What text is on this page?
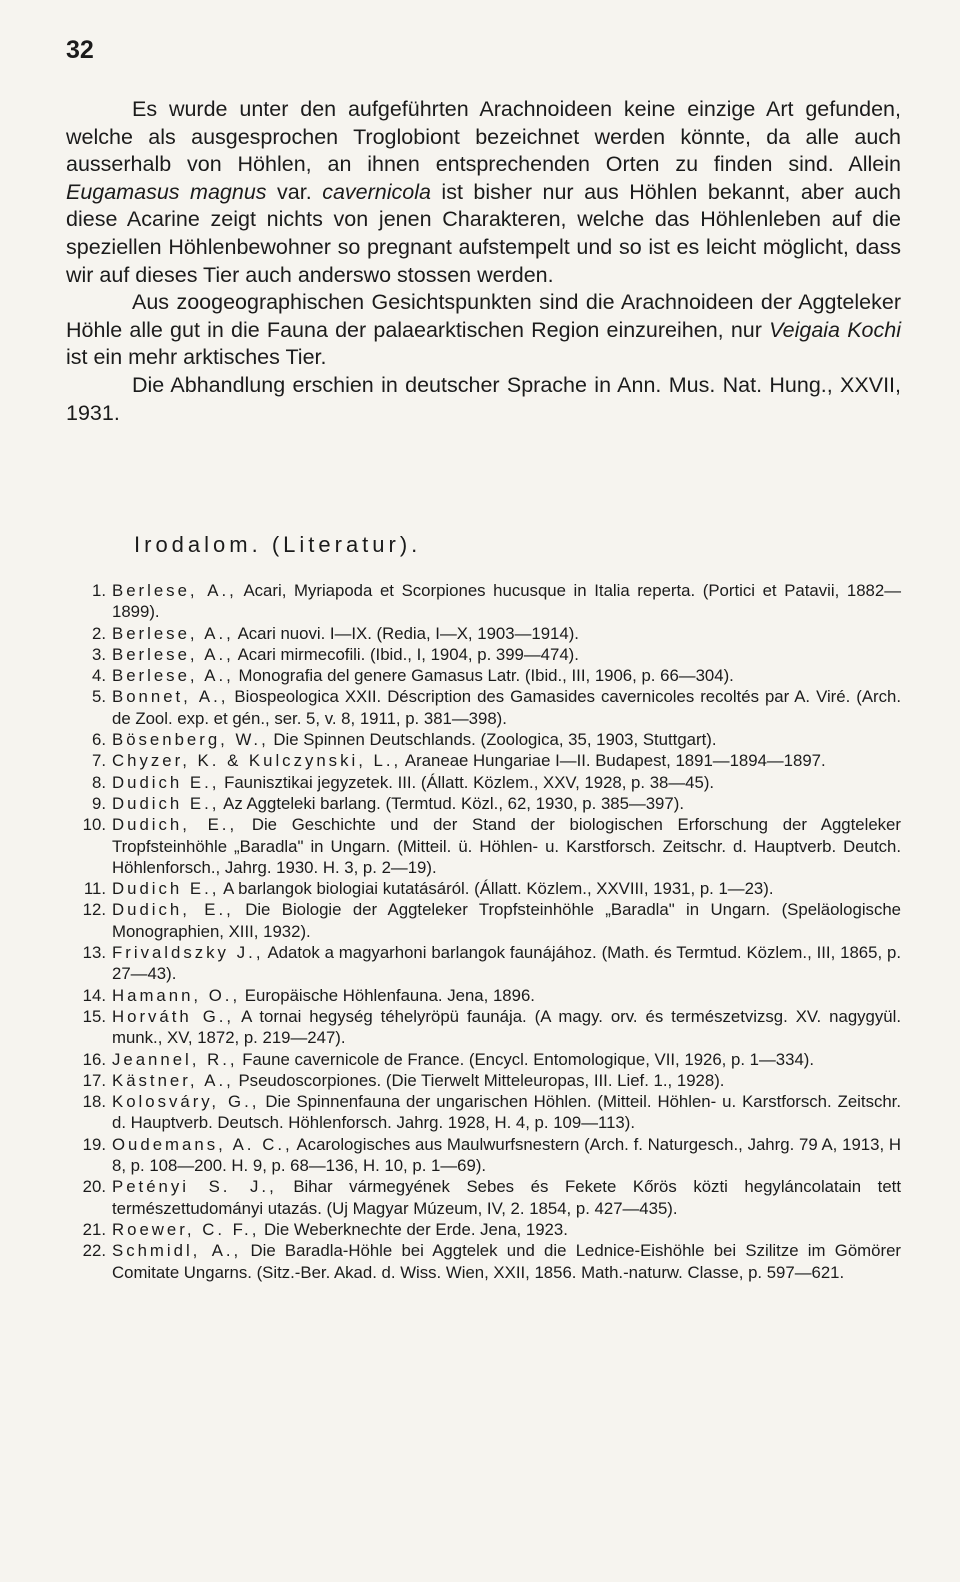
32

Es wurde unter den aufgeführten Arachnoideen keine einzige Art gefunden, welche als ausgesprochen Troglobiont bezeichnet werden könnte, da alle auch ausserhalb von Höhlen, an ihnen entsprechenden Orten zu finden sind. Allein Eugamasus magnus var. cavernicola ist bisher nur aus Höhlen bekannt, aber auch diese Acarine zeigt nichts von jenen Charakteren, welche das Höhlenleben auf die speziellen Höhlenbewohner so pregnant aufstempelt und so ist es leicht möglicht, dass wir auf dieses Tier auch anderswo stossen werden.

Aus zoogeographischen Gesichtspunkten sind die Arachnoideen der Aggteleker Höhle alle gut in die Fauna der palaearktischen Region einzureihen, nur Veigaia Kochi ist ein mehr arktisches Tier.

Die Abhandlung erschien in deutscher Sprache in Ann. Mus. Nat. Hung., XXVII, 1931.

Irodalom. (Literatur).
1. Berlese, A., Acari, Myriapoda et Scorpiones hucusque in Italia reperta. (Portici et Patavii, 1882—1899).
2. Berlese, A., Acari nuovi. I—IX. (Redia, I—X, 1903—1914).
3. Berlese, A., Acari mirmecofili. (Ibid., I, 1904, p. 399—474).
4. Berlese, A., Monografia del genere Gamasus Latr. (Ibid., III, 1906, p. 66—304).
5. Bonnet, A., Biospeologica XXII. Déscription des Gamasides cavernicoles recoltés par A. Viré. (Arch. de Zool. exp. et gén., ser. 5, v. 8, 1911, p. 381—398).
6. Bösenberg, W., Die Spinnen Deutschlands. (Zoologica, 35, 1903, Stuttgart).
7. Chyzer, K. & Kulczynski, L., Araneae Hungariae I—II. Budapest, 1891—1894—1897.
8. Dudich E., Faunisztikai jegyzetek. III. (Állatt. Közlem., XXV, 1928, p. 38—45).
9. Dudich E., Az Aggteleki barlang. (Termtud. Közl., 62, 1930, p. 385—397).
10. Dudich, E., Die Geschichte und der Stand der biologischen Erforschung der Aggteleker Tropfsteinhöhle „Baradla" in Ungarn. (Mitteil. ü. Höhlen- u. Karstforsch. Zeitschr. d. Hauptverb. Deutch. Höhlenforsch., Jahrg. 1930. H. 3, p. 2—19).
11. Dudich E., A barlangok biologiai kutatásáról. (Állatt. Közlem., XXVIII, 1931, p. 1—23).
12. Dudich, E., Die Biologie der Aggteleker Tropfsteinhöhle „Baradla" in Ungarn. (Speläologische Monographien, XIII, 1932).
13. Frivaldszky J., Adatok a magyarhoni barlangok faunájához. (Math. és Termtud. Közlem., III, 1865, p. 27—43).
14. Hamann, O., Europäische Höhlenfauna. Jena, 1896.
15. Horváth G., A tornai hegység téhelyröpü faunája. (A magy. orv. és természetvizsg. XV. nagygyül. munk., XV, 1872, p. 219—247).
16. Jeannel, R., Faune cavernicole de France. (Encycl. Entomologique, VII, 1926, p. 1—334).
17. Kästner, A., Pseudoscorpiones. (Die Tierwelt Mitteleuropas, III. Lief. 1., 1928).
18. Kolosváry, G., Die Spinnenfauna der ungarischen Höhlen. (Mitteil. Höhlen- u. Karstforsch. Zeitschr. d. Hauptverb. Deutsch. Höhlenforsch. Jahrg. 1928, H. 4, p. 109—113).
19. Oudemans, A. C., Acarologisches aus Maulwurfsnestern (Arch. f. Naturgesch., Jahrg. 79 A, 1913, H 8, p. 108—200. H. 9, p. 68—136, H. 10, p. 1—69).
20. Petényi S. J., Bihar vármegyének Sebes és Fekete Kőrös közti hegyláncolatain tett természettudományi utazás. (Uj Magyar Múzeum, IV, 2. 1854, p. 427—435).
21. Roewer, C. F., Die Weberknechte der Erde. Jena, 1923.
22. Schmidl, A., Die Baradla-Höhle bei Aggtelek und die Lednice-Eishöhle bei Szilitze im Gömörer Comitate Ungarns. (Sitz.-Ber. Akad. d. Wiss. Wien, XXII, 1856. Math.-naturw. Classe, p. 597—621.
